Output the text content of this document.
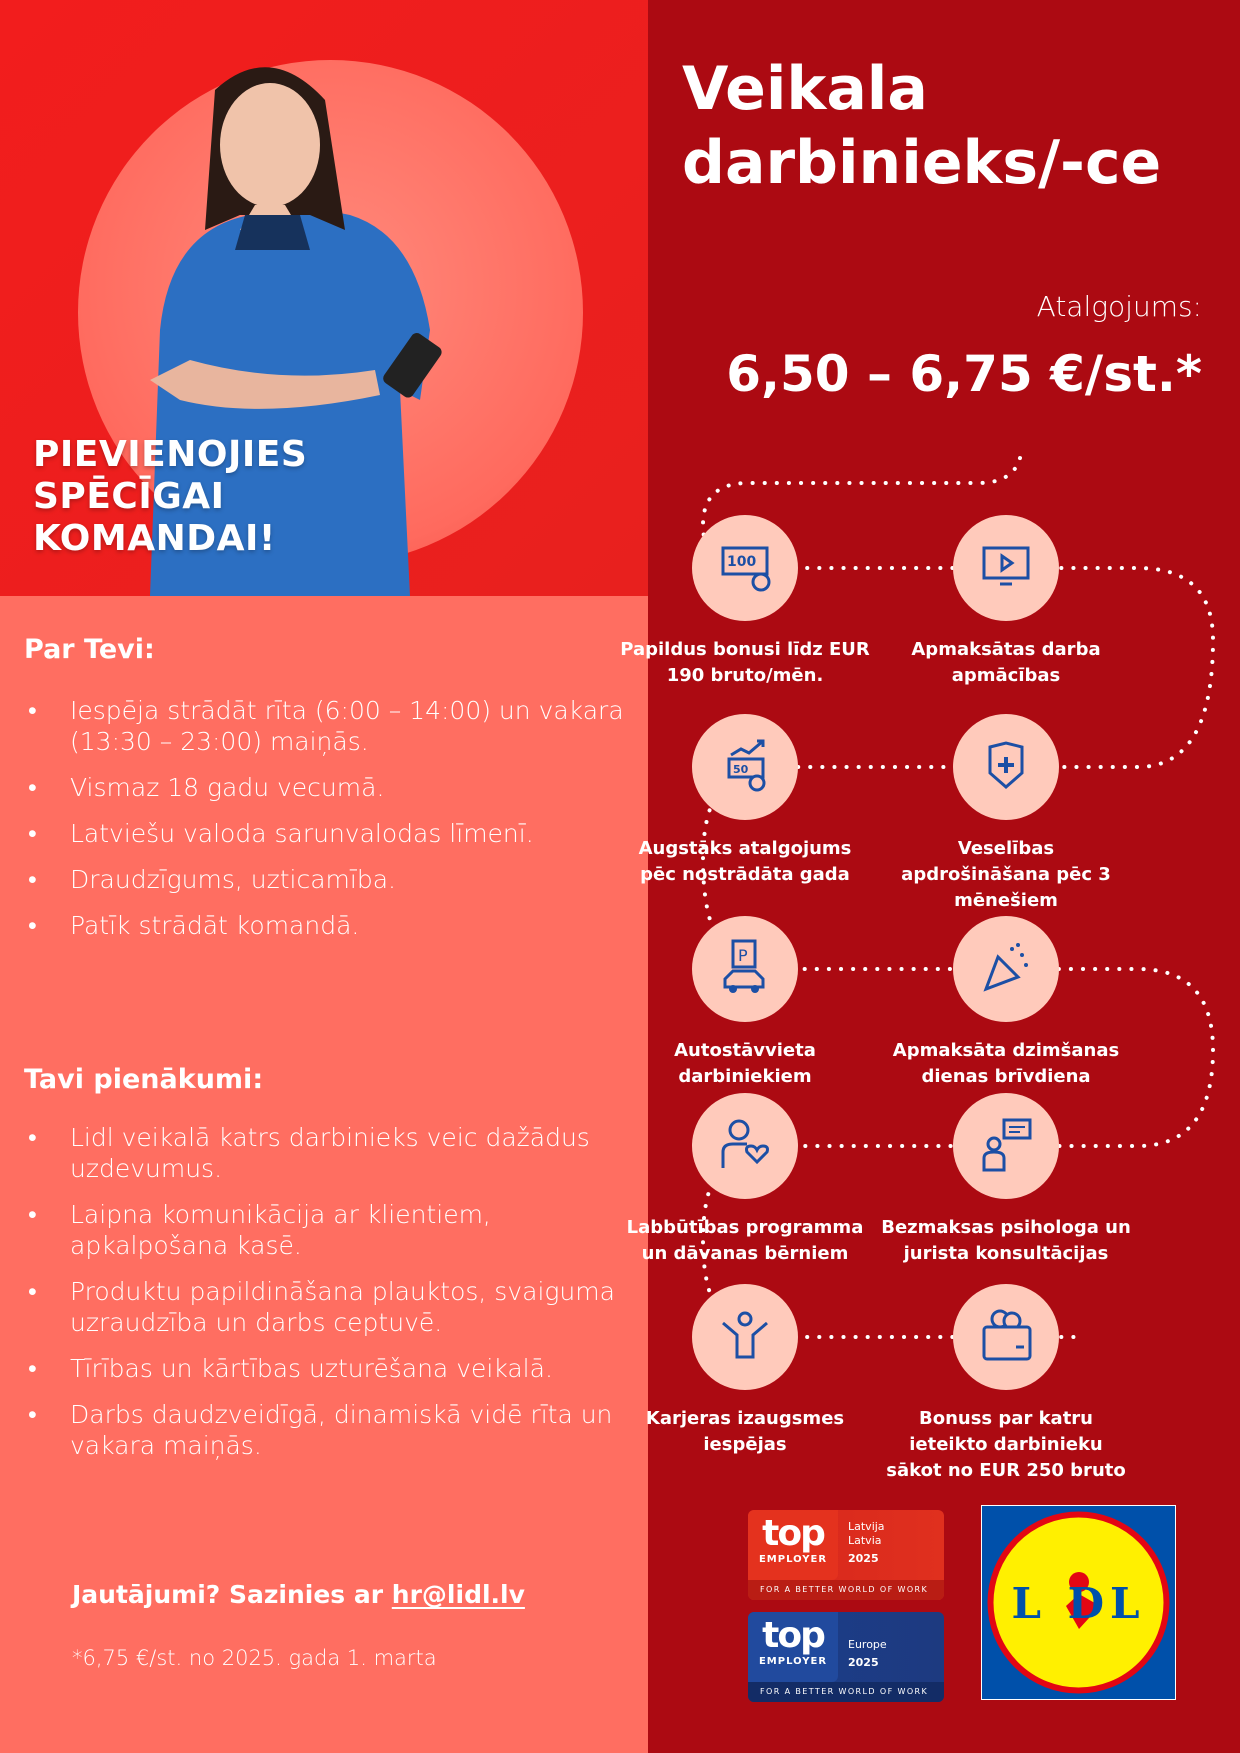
PIEVIENOJIES
SPĒCĪGAI
KOMANDAI!
Par Tevi:
• Iespēja strādāt rīta (6:00 – 14:00) un vakara (13:30 – 23:00) maiņās.
• Vismaz 18 gadu vecumā.
• Latviešu valoda sarunvalodas līmenī.
• Draudzīgums, uzticamība.
• Patīk strādāt komandā.
Tavi pienākumi:
• Lidl veikalā katrs darbinieks veic dažādus uzdevumus.
• Laipna komunikācija ar klientiem, apkalpošana kasē.
• Produktu papildināšana plauktos, svaiguma uzraudzība un darbs ceptuvē.
• Tīrības un kārtības uzturēšana veikalā.
• Darbs daudzveidīgā, dinamiskā vidē rīta un vakara maiņās.
Jautājumi? Sazinies ar hr@lidl.lv
*6,75 €/st. no 2025. gada 1. marta
Veikala
darbinieks/-ce
Atalgojums:
6,50 – 6,75 €/st.*
100
Papildus bonusi līdz EUR 190 bruto/mēn.
Apmaksātas darba apmācības
50
Augstāks atalgojums pēc nostrādāta gada
Veselības apdrošināšana pēc 3 mēnešiem
P
Autostāvvieta darbiniekiem
Apmaksāta dzimšanas dienas brīvdiena
Labbūtības programma un dāvanas bērniem
Bezmaksas psihologa un jurista konsultācijas
Karjeras izaugsmes iespējas
Bonuss par katru ieteikto darbinieku sākot no EUR 250 bruto
top
EMPLOYER
Latvija
Latvia
2025
FOR A BETTER WORLD OF WORK
top
EMPLOYER
Europe
2025
FOR A BETTER WORLD OF WORK
L DL
